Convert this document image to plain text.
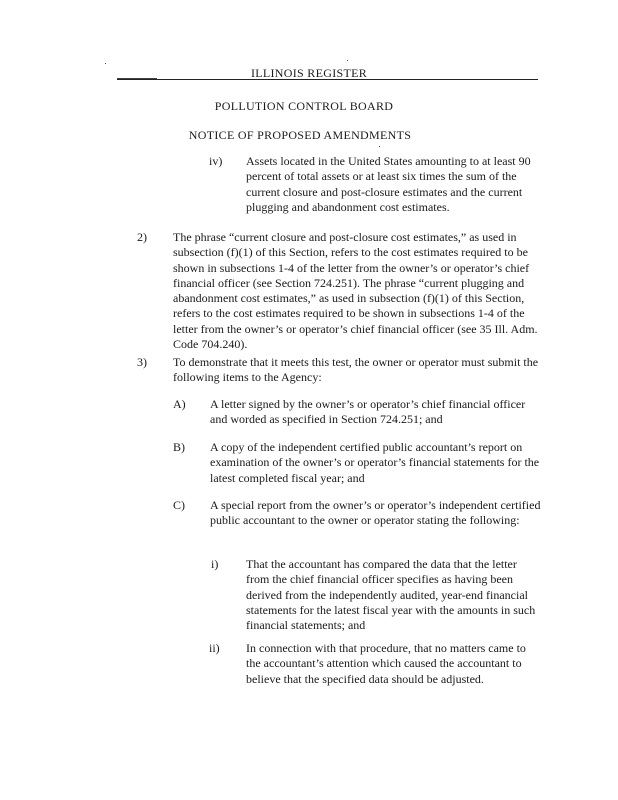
ILLINOIS REGISTER
POLLUTION CONTROL BOARD
NOTICE OF PROPOSED AMENDMENTS
iv) Assets located in the United States amounting to at least 90 percent of total assets or at least six times the sum of the current closure and post-closure estimates and the current plugging and abandonment cost estimates.

2) The phrase “current closure and post-closure cost estimates,” as used in subsection (f)(1) of this Section, refers to the cost estimates required to be shown in subsections 1-4 of the letter from the owner’s or operator’s chief financial officer (see Section 724.251). The phrase “current plugging and abandonment cost estimates,” as used in subsection (f)(1) of this Section, refers to the cost estimates required to be shown in subsections 1-4 of the letter from the owner’s or operator’s chief financial officer (see 35 Ill. Adm. Code 704.240).

3) To demonstrate that it meets this test, the owner or operator must submit the following items to the Agency:

A) A letter signed by the owner’s or operator’s chief financial officer and worded as specified in Section 724.251; and

B) A copy of the independent certified public accountant’s report on examination of the owner’s or operator’s financial statements for the latest completed fiscal year; and

C) A special report from the owner’s or operator’s independent certified public accountant to the owner or operator stating the following:

i) That the accountant has compared the data that the letter from the chief financial officer specifies as having been derived from the independently audited, year-end financial statements for the latest fiscal year with the amounts in such financial statements; and

ii) In connection with that procedure, that no matters came to the accountant’s attention which caused the accountant to believe that the specified data should be adjusted.
